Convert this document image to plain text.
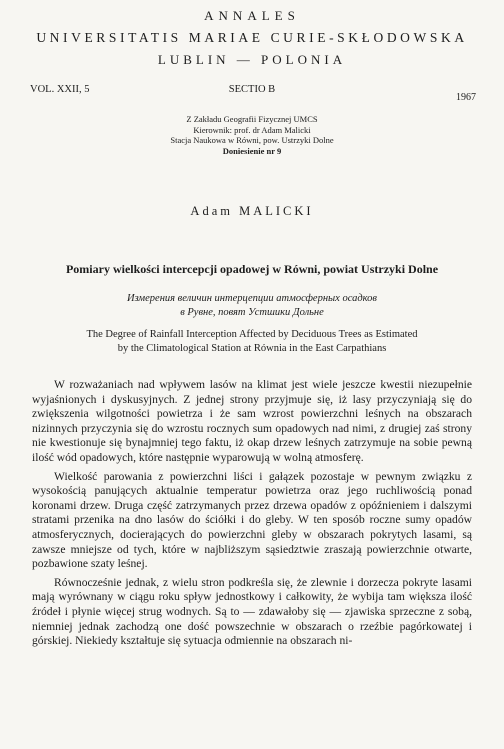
ANNALES
UNIVERSITATIS MARIAE CURIE-SKŁODOWSKA
LUBLIN — POLONIA
VOL. XXII, 5	SECTIO B
1967
Z Zakładu Geografii Fizycznej UMCS
Kierownik: prof. dr Adam Malicki
Stacja Naukowa w Równi, pow. Ustrzyki Dolne
Doniesienie nr 9
Adam MALICKI
Pomiary wielkości intercepcji opadowej w Równi, powiat Ustrzyki Dolne
Измерения величин интерцепции атмосферных осадков
в Рувне, повят Устшики Дольне
The Degree of Rainfall Interception Affected by Deciduous Trees as Estimated
by the Climatological Station at Równia in the East Carpathians

W rozważaniach nad wpływem lasów na klimat jest wiele jeszcze kwestii niezupełnie wyjaśnionych i dyskusyjnych. Z jednej strony przyjmuje się, iż lasy przyczyniają się do zwiększenia wilgotności powietrza i że sam wzrost powierzchni leśnych na obszarach nizinnych przyczynia się do wzrostu rocznych sum opadowych nad nimi, z drugiej zaś strony nie kwestionuje się bynajmniej tego faktu, iż okap drzew leśnych zatrzymuje na sobie pewną ilość wód opadowych, które następnie wyparowują w wolną atmosferę.

Wielkość parowania z powierzchni liści i gałązek pozostaje w pewnym związku z wysokością panujących aktualnie temperatur powietrza oraz jego ruchliwością ponad koronami drzew. Druga część zatrzymanych przez drzewa opadów z opóźnieniem i dalszymi stratami przenika na dno lasów do ściółki i do gleby. W ten sposób roczne sumy opadów atmosferycznych, docierających do powierzchni gleby w obszarach pokrytych lasami, są zawsze mniejsze od tych, które w najbliższym sąsiedztwie zraszają powierzchnie otwarte, pozbawione szaty leśnej.

Równocześnie jednak, z wielu stron podkreśla się, że zlewnie i dorzecza pokryte lasami mają wyrównany w ciągu roku spływ jednostkowy i całkowity, że wybija tam większa ilość źródeł i płynie więcej strug wodnych. Są to — zdawałoby się — zjawiska sprzeczne z sobą, niemniej jednak zachodzą one dość powszechnie w obszarach o rzeźbie pagórkowatej i górskiej. Niekiedy kształtuje się sytuacja odmiennie na obszarach ni-
